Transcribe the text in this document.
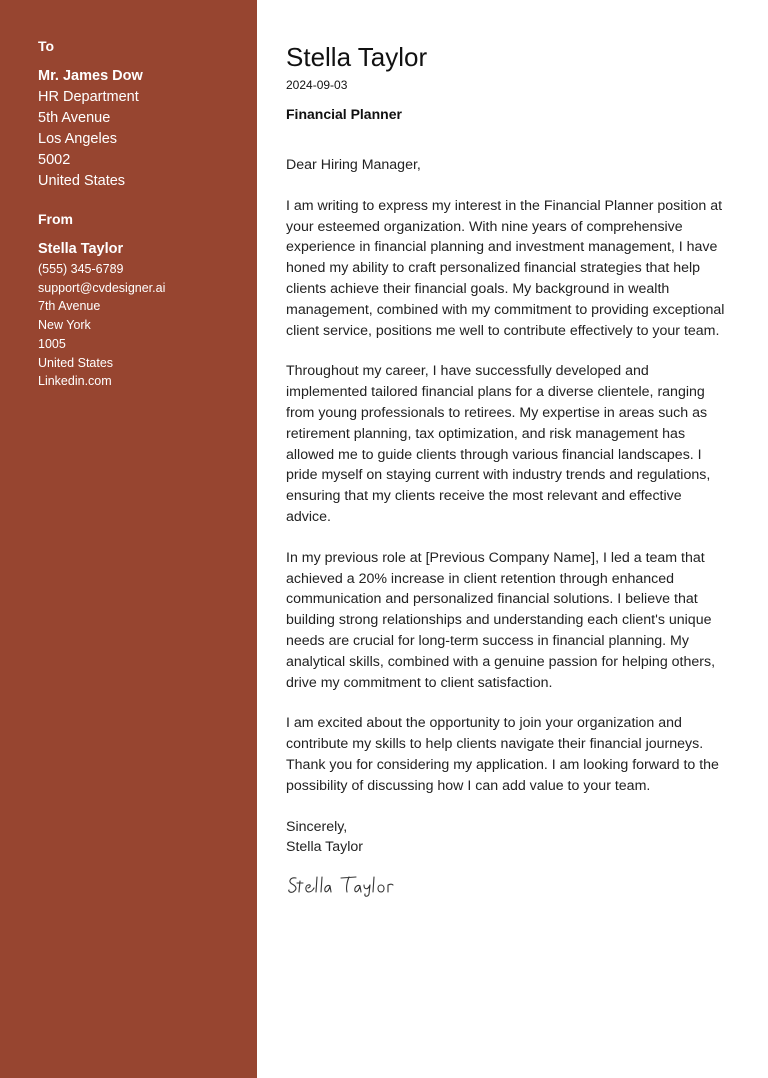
To
Mr. James Dow
HR Department
5th Avenue
Los Angeles
5002
United States
From
Stella Taylor
(555) 345-6789
support@cvdesigner.ai
7th Avenue
New York
1005
United States
Linkedin.com
Stella Taylor
2024-09-03
Financial Planner
Dear Hiring Manager,

I am writing to express my interest in the Financial Planner position at your esteemed organization. With nine years of comprehensive experience in financial planning and investment management, I have honed my ability to craft personalized financial strategies that help clients achieve their financial goals. My background in wealth management, combined with my commitment to providing exceptional client service, positions me well to contribute effectively to your team.

Throughout my career, I have successfully developed and implemented tailored financial plans for a diverse clientele, ranging from young professionals to retirees. My expertise in areas such as retirement planning, tax optimization, and risk management has allowed me to guide clients through various financial landscapes. I pride myself on staying current with industry trends and regulations, ensuring that my clients receive the most relevant and effective advice.

In my previous role at [Previous Company Name], I led a team that achieved a 20% increase in client retention through enhanced communication and personalized financial solutions. I believe that building strong relationships and understanding each client's unique needs are crucial for long-term success in financial planning. My analytical skills, combined with a genuine passion for helping others, drive my commitment to client satisfaction.

I am excited about the opportunity to join your organization and contribute my skills to help clients navigate their financial journeys. Thank you for considering my application. I am looking forward to the possibility of discussing how I can add value to your team.

Sincerely,
Stella Taylor
